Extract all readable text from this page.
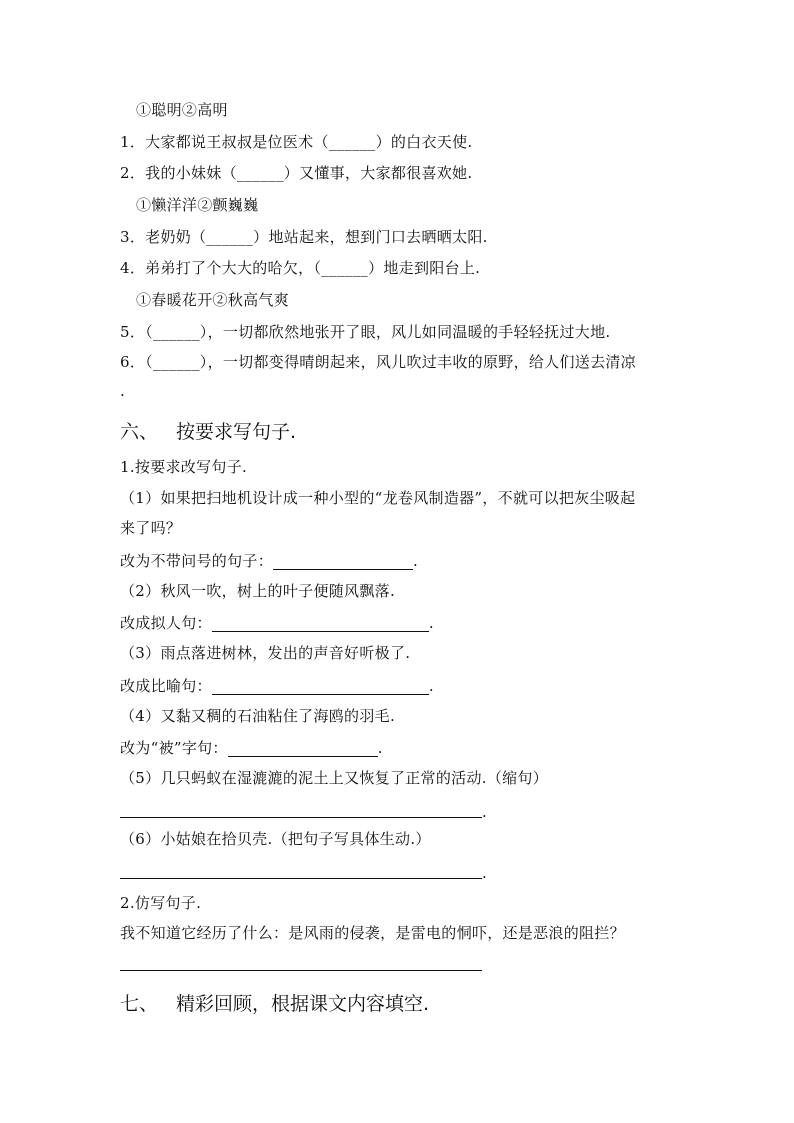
①聪明②高明
1．大家都说王叔叔是位医术（______）的白衣天使.
2．我的小妹妹（______）又懂事，大家都很喜欢她.
①懒洋洋②颤巍巍
3．老奶奶（______）地站起来，想到门口去晒晒太阳.
4．弟弟打了个大大的哈欠，（______）地走到阳台上.
①春暖花开②秋高气爽
5．（______），一切都欣然地张开了眼，风儿如同温暖的手轻轻抚过大地.
6．（______），一切都变得晴朗起来，风儿吹过丰收的原野，给人们送去清凉
.
六、 按要求写句子.
1.按要求改写句子.
（1）如果把扫地机设计成一种小型的“龙卷风制造器”，不就可以把灰尘吸起
来了吗？
改为不带问号的句子：	.
（2）秋风一吹，树上的叶子便随风飘落.
改成拟人句：	.
（3）雨点落进树林，发出的声音好听极了.
改成比喻句：	.
（4）又黏又稠的石油粘住了海鸥的羽毛.
改为“被”字句：	.
（5）几只蚂蚁在湿漉漉的泥土上又恢复了正常的活动.（缩句）
.
（6）小姑娘在拾贝壳.（把句子写具体生动.）
.
2.仿写句子.
我不知道它经历了什么：是风雨的侵袭，是雷电的恫吓，还是恶浪的阻拦？
七、 精彩回顾，根据课文内容填空.
